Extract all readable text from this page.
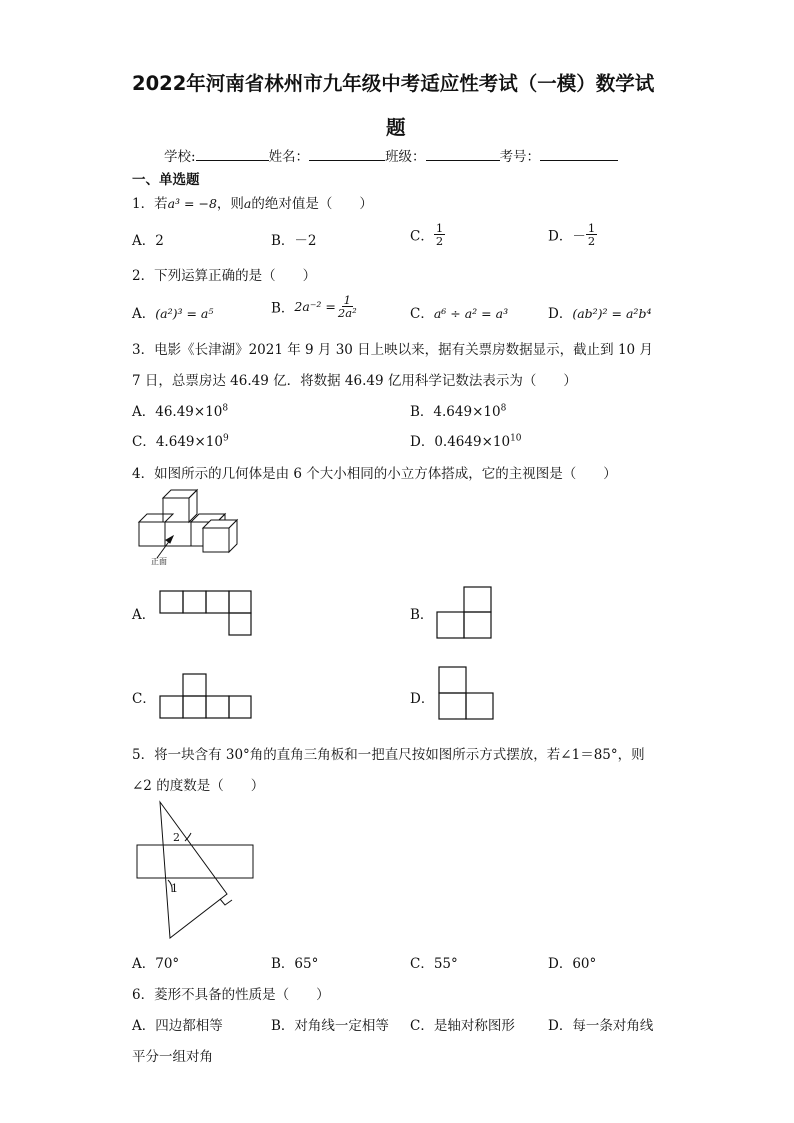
2022年河南省林州市九年级中考适应性考试（一模）数学试
题
学校:	姓名：	班级：	考号：
一、单选题
1．若a³ = −8，则a的绝对值是（　　）
A．2	B．－2	C． $\frac{1}{2}$	D．－ $\frac{1}{2}$
2．下列运算正确的是（　　）
A．(a²)³ = a⁵	B．$2a^{-2} = \frac{1}{\text{2a²}}$	C．a⁶ ÷ a² = a³	D．(ab²)² = a²b⁴
3．电影《长津湖》2021 年 9 月 30 日上映以来，据有关票房数据显示，截止到 10 月
7 日，总票房达 46.49 亿．将数据 46.49 亿用科学记数法表示为（　　）
A．$46.49\times 10^8$	B．$4.649\times 10^8$
C．$4.649\times 10^9$	D．$0.4649\times 10^{10}$
4．如图所示的几何体是由 6 个大小相同的小立方体搭成，它的主视图是（　　）
正面
A．	B．
C．	D．
5．将一块含有 30°角的直角三角板和一把直尺按如图所示方式摆放，若∠1＝85°，则
∠2 的度数是（　　）
1
2
A．70°	B．65°	C．55°	D．60°
6．菱形不具备的性质是（　　）
A．四边都相等	B．对角线一定相等 C．是轴对称图形 D．每一条对角线
平分一组对角
